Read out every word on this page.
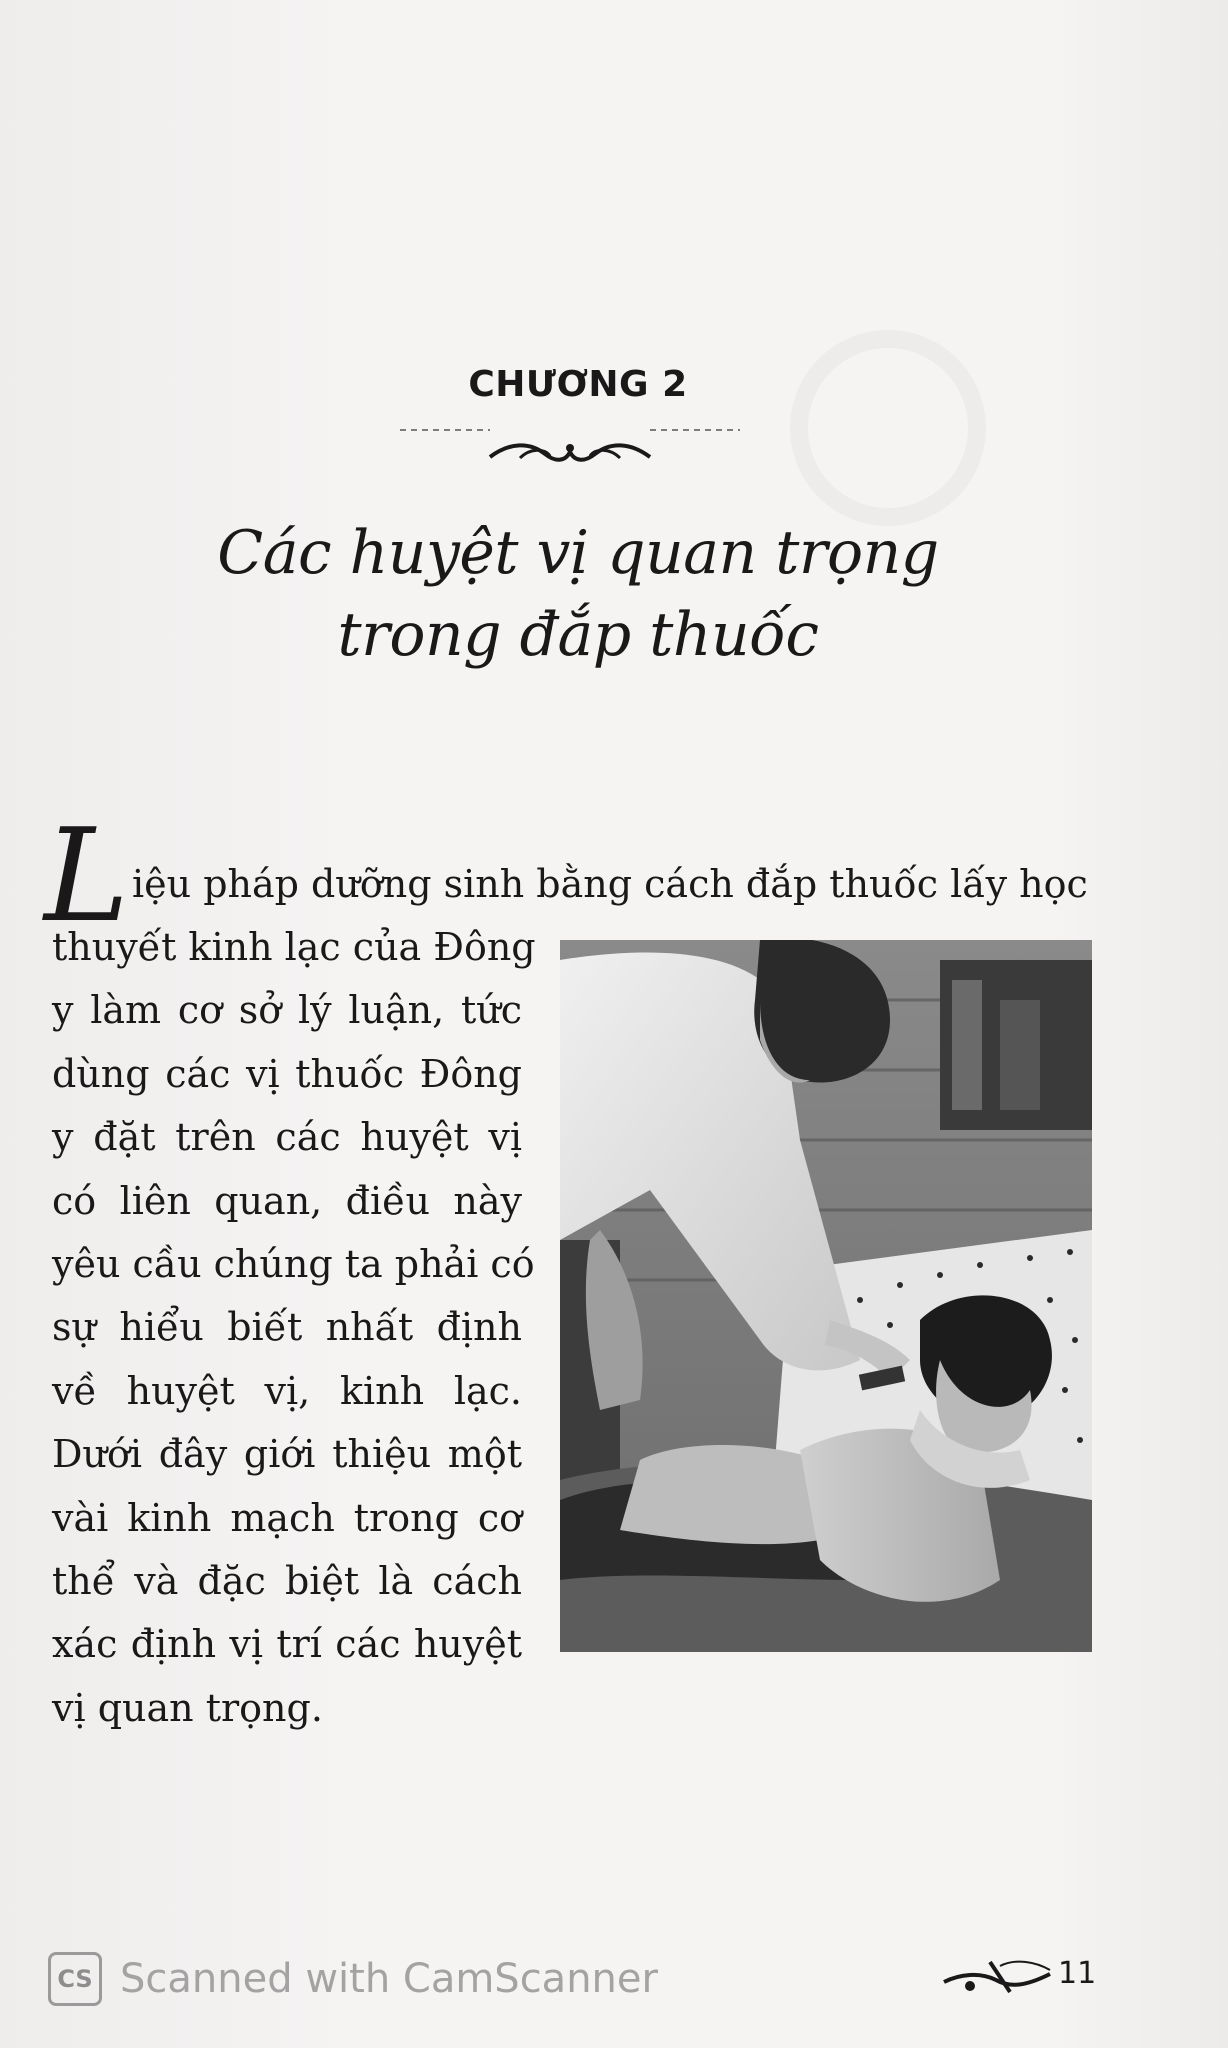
CHƯƠNG 2
Các huyệt vị quan trọng
trong đắp thuốc
L iệu pháp dưỡng sinh bằng cách đắp thuốc lấy học
thuyết kinh lạc của Đông
y làm cơ sở lý luận, tức
dùng các vị thuốc Đông
y đặt trên các huyệt vị
có liên quan, điều này
yêu cầu chúng ta phải có
sự hiểu biết nhất định
về huyệt vị, kinh lạc.
Dưới đây giới thiệu một
vài kinh mạch trong cơ
thể và đặc biệt là cách
xác định vị trí các huyệt
vị quan trọng.
CS Scanned with CamScanner	11
